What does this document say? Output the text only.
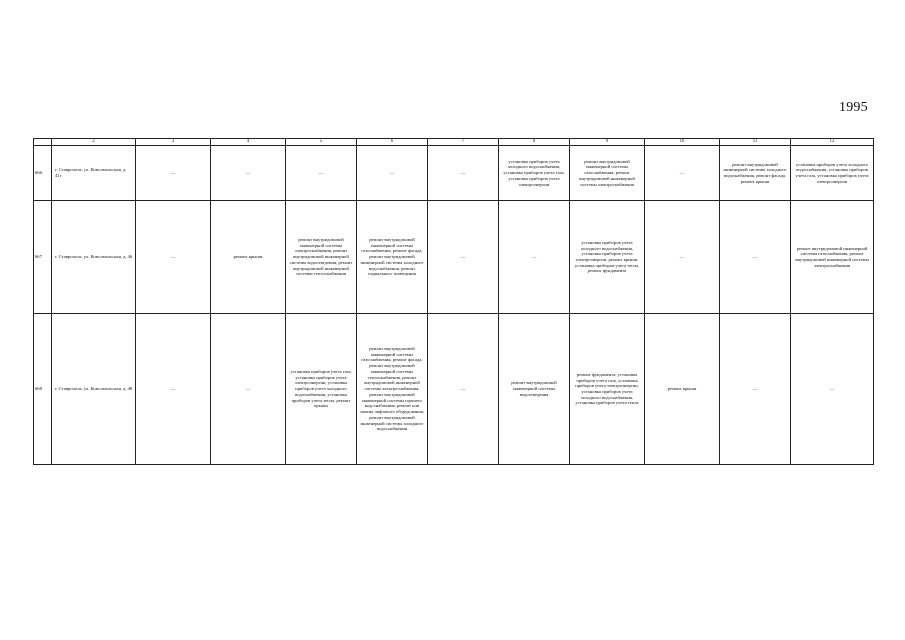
1995
	2	3	4	5	6	7	8	9	10	11	12
666.	г. Ставрополь, ул. Комсомольская, д. 41г	—	—	—	—	—	установка приборов учета холодного водоснабжения, установка приборов учета газа, установка приборов учета электроэнергии	ремонт внутридомовой инженерной системы газоснабжения, ремонт внутридомовой инженерной системы электроснабжения	—	ремонт внутридомовой инженерной системы холодного водоснабжения, ремонт фасада, ремонт крыши	установка приборов учета холодного водоснабжения, установка приборов учета газа, установка приборов учета электроэнергии
667.	г. Ставрополь, ул. Комсомольская, д. 46	—	ремонт крыши	ремонт внутридомовой инженерной системы электроснабжения, ремонт внутридомовой инженерной системы водоотведения, ремонт внутридомовой инженерной системы теплоснабжения	ремонт внутридомовой инженерной системы газоснабжения, ремонт фасада, ремонт внутридомовой инженерной системы холодного водоснабжения, ремонт подвального помещения	—	—	установка приборов учета холодного водоснабжения, установка приборов учета электроэнергии, ремонт крыши, установка приборов учета тепла, ремонт фундамента	—	—	ремонт внутридомовой инженерной системы газоснабжения, ремонт внутридомовой инженерной системы электроснабжения
668	г. Ставрополь, ул. Комсомольская, д. 48	—	—	установка приборов учета газа, установка приборов учета электроэнергии, установка приборов учета холодного водоснабжения, установка приборов учета тепла, ремонт крыши	ремонт внутридомовой инженерной системы газоснабжения, ремонт фасада, ремонт внутридомовой инженерной системы теплоснабжения, ремонт внутридомовой инженерной системы электроснабжения, ремонт внутридомовой инженерной системы горячего водоснабжения, ремонт или замена лифтового оборудования, ремонт внутридомовой инженерной системы холодного водоснабжения	—	ремонт внутридомовой инженерной системы водоотведения	ремонт фундамента, установка приборов учета газа, установка приборов учета электроэнергии, установка приборов учета холодного водоснабжения, установка приборов учета тепла	ремонт крыши	—	—
